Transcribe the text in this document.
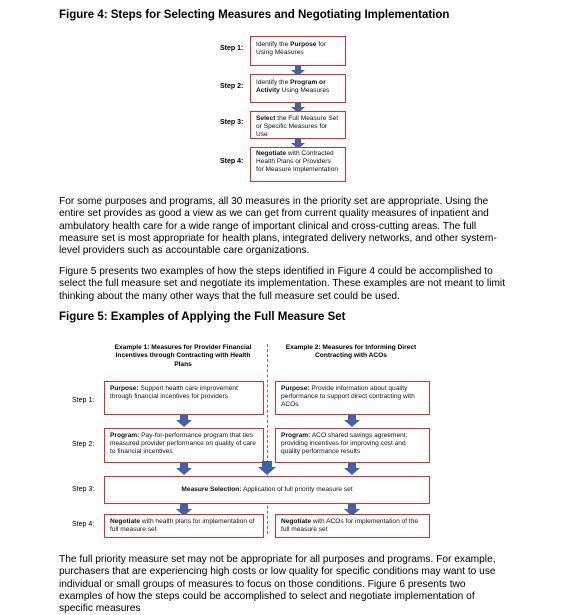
Figure 4: Steps for Selecting Measures and Negotiating Implementation
Step 1:
Identify the Purpose for Using Measures
Step 2:
Identify the Program or Activity Using Measures
Step 3:
Select the Full Measure Set or Specific Measures for Use
Step 4:
Negotiate with Contracted Health Plans or Providers for Measure Implementation

For some purposes and programs, all 30 measures in the priority set are appropriate. Using the entire set provides as good a view as we can get from current quality measures of inpatient and ambulatory health care for a wide range of important clinical and cross-cutting areas. The full measure set is most appropriate for health plans, integrated delivery networks, and other system-level providers such as accountable care organizations.

Figure 5 presents two examples of how the steps identified in Figure 4 could be accomplished to select the full measure set and negotiate its implementation. These examples are not meant to limit thinking about the many other ways that the full measure set could be used.

Figure 5: Examples of Applying the Full Measure Set
Example 1: Measures for Provider Financial Incentives through Contracting with Health Plans
Example 2: Measures for Informing Direct Contracting with ACOs
Step 1:
Purpose: Support health care improvement through financial incentives for providers
Purpose: Provide information about quality performance to support direct contracting with ACOs
Step 2:
Program: Pay-for-performance program that ties measured provider performance on quality of care to financial incentives
Program: ACO shared savings agreement, providing incentives for improving cost and quality performance results
Step 3:	Measure Selection: Application of full priority measure set
Step 4:	Negotiate with health plans for implementation of full measure set
Negotiate with ACOs for implementation of the full measure set

The full priority measure set may not be appropriate for all purposes and programs. For example, purchasers that are experiencing high costs or low quality for specific conditions may want to use individual or small groups of measures to focus on those conditions. Figure 6 presents two examples of how the steps could be accomplished to select and negotiate implementation of specific measures
